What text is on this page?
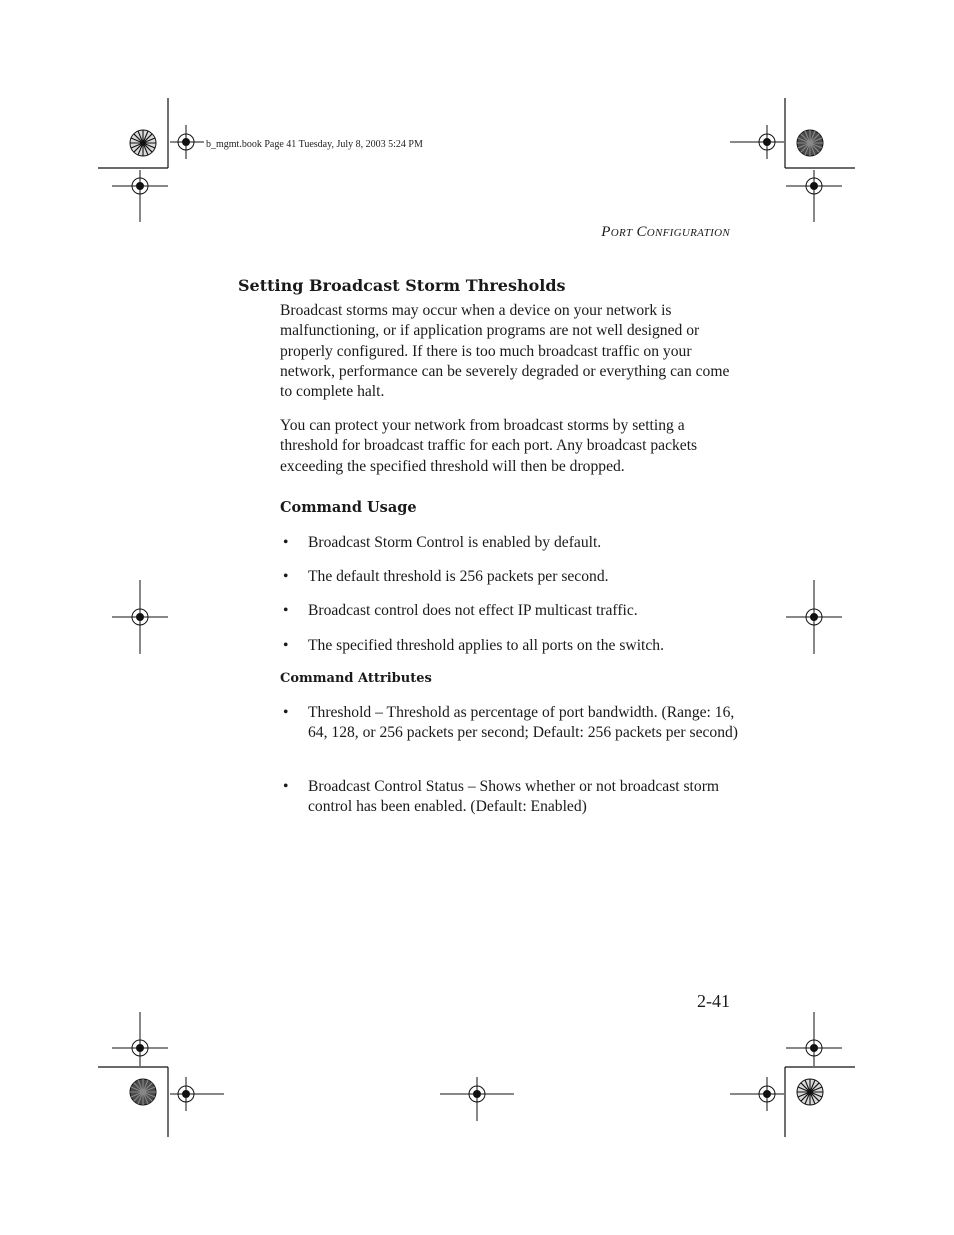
b_mgmt.book Page 41 Tuesday, July 8, 2003 5:24 PM
Port Configuration
Setting Broadcast Storm Thresholds

Broadcast storms may occur when a device on your network is malfunctioning, or if application programs are not well designed or properly configured. If there is too much broadcast traffic on your network, performance can be severely degraded or everything can come to complete halt.

You can protect your network from broadcast storms by setting a threshold for broadcast traffic for each port. Any broadcast packets exceeding the specified threshold will then be dropped.

Command Usage
• Broadcast Storm Control is enabled by default.
• The default threshold is 256 packets per second.
• Broadcast control does not effect IP multicast traffic.
• The specified threshold applies to all ports on the switch.
Command Attributes
• Threshold – Threshold as percentage of port bandwidth. (Range: 16, 64, 128, or 256 packets per second; Default: 256 packets per second)
• Broadcast Control Status – Shows whether or not broadcast storm control has been enabled. (Default: Enabled)
2-41
